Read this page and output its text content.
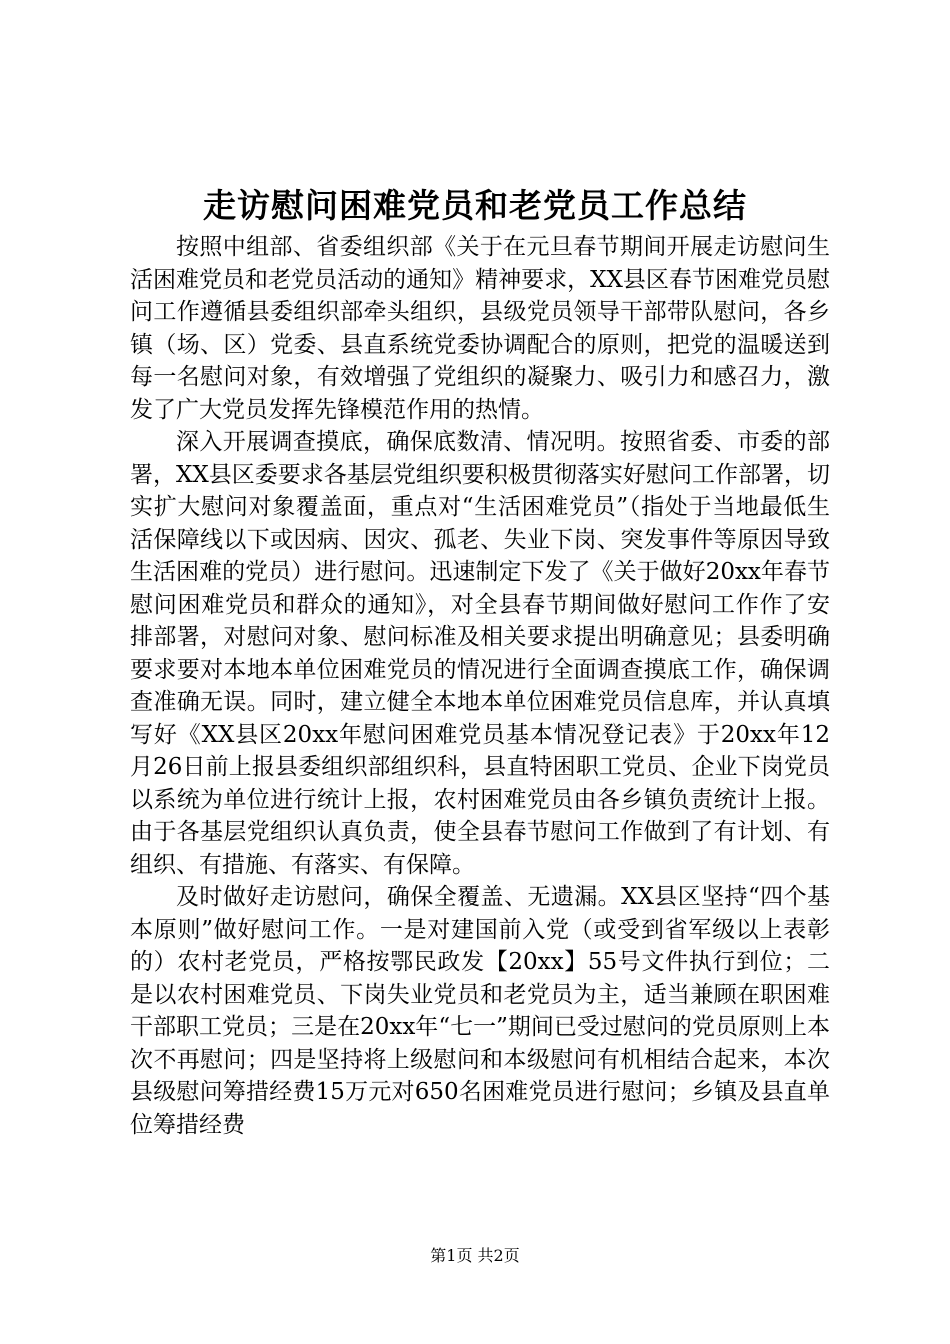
走访慰问困难党员和老党员工作总结

按照中组部、省委组织部《关于在元旦春节期间开展走访慰问生活困难党员和老党员活动的通知》精神要求，XX县区春节困难党员慰问工作遵循县委组织部牵头组织，县级党员领导干部带队慰问，各乡镇（场、区）党委、县直系统党委协调配合的原则，把党的温暖送到每一名慰问对象，有效增强了党组织的凝聚力、吸引力和感召力，激发了广大党员发挥先锋模范作用的热情。

深入开展调查摸底，确保底数清、情况明。按照省委、市委的部署，XX县区委要求各基层党组织要积极贯彻落实好慰问工作部署，切实扩大慰问对象覆盖面，重点对“生活困难党员”（指处于当地最低生活保障线以下或因病、因灾、孤老、失业下岗、突发事件等原因导致生活困难的党员）进行慰问。迅速制定下发了《关于做好20xx年春节慰问困难党员和群众的通知》，对全县春节期间做好慰问工作作了安排部署，对慰问对象、慰问标准及相关要求提出明确意见；县委明确要求要对本地本单位困难党员的情况进行全面调查摸底工作，确保调查准确无误。同时，建立健全本地本单位困难党员信息库，并认真填写好《XX县区20xx年慰问困难党员基本情况登记表》于20xx年12月26日前上报县委组织部组织科，县直特困职工党员、企业下岗党员以系统为单位进行统计上报，农村困难党员由各乡镇负责统计上报。由于各基层党组织认真负责，使全县春节慰问工作做到了有计划、有组织、有措施、有落实、有保障。

及时做好走访慰问，确保全覆盖、无遗漏。XX县区坚持“四个基本原则”做好慰问工作。一是对建国前入党（或受到省军级以上表彰的）农村老党员，严格按鄂民政发【20xx】55号文件执行到位；二是以农村困难党员、下岗失业党员和老党员为主，适当兼顾在职困难干部职工党员；三是在20xx年“七一”期间已受过慰问的党员原则上本次不再慰问；四是坚持将上级慰问和本级慰问有机相结合起来，本次县级慰问筹措经费15万元对650名困难党员进行慰问；乡镇及县直单位筹措经费

第1页 共2页
